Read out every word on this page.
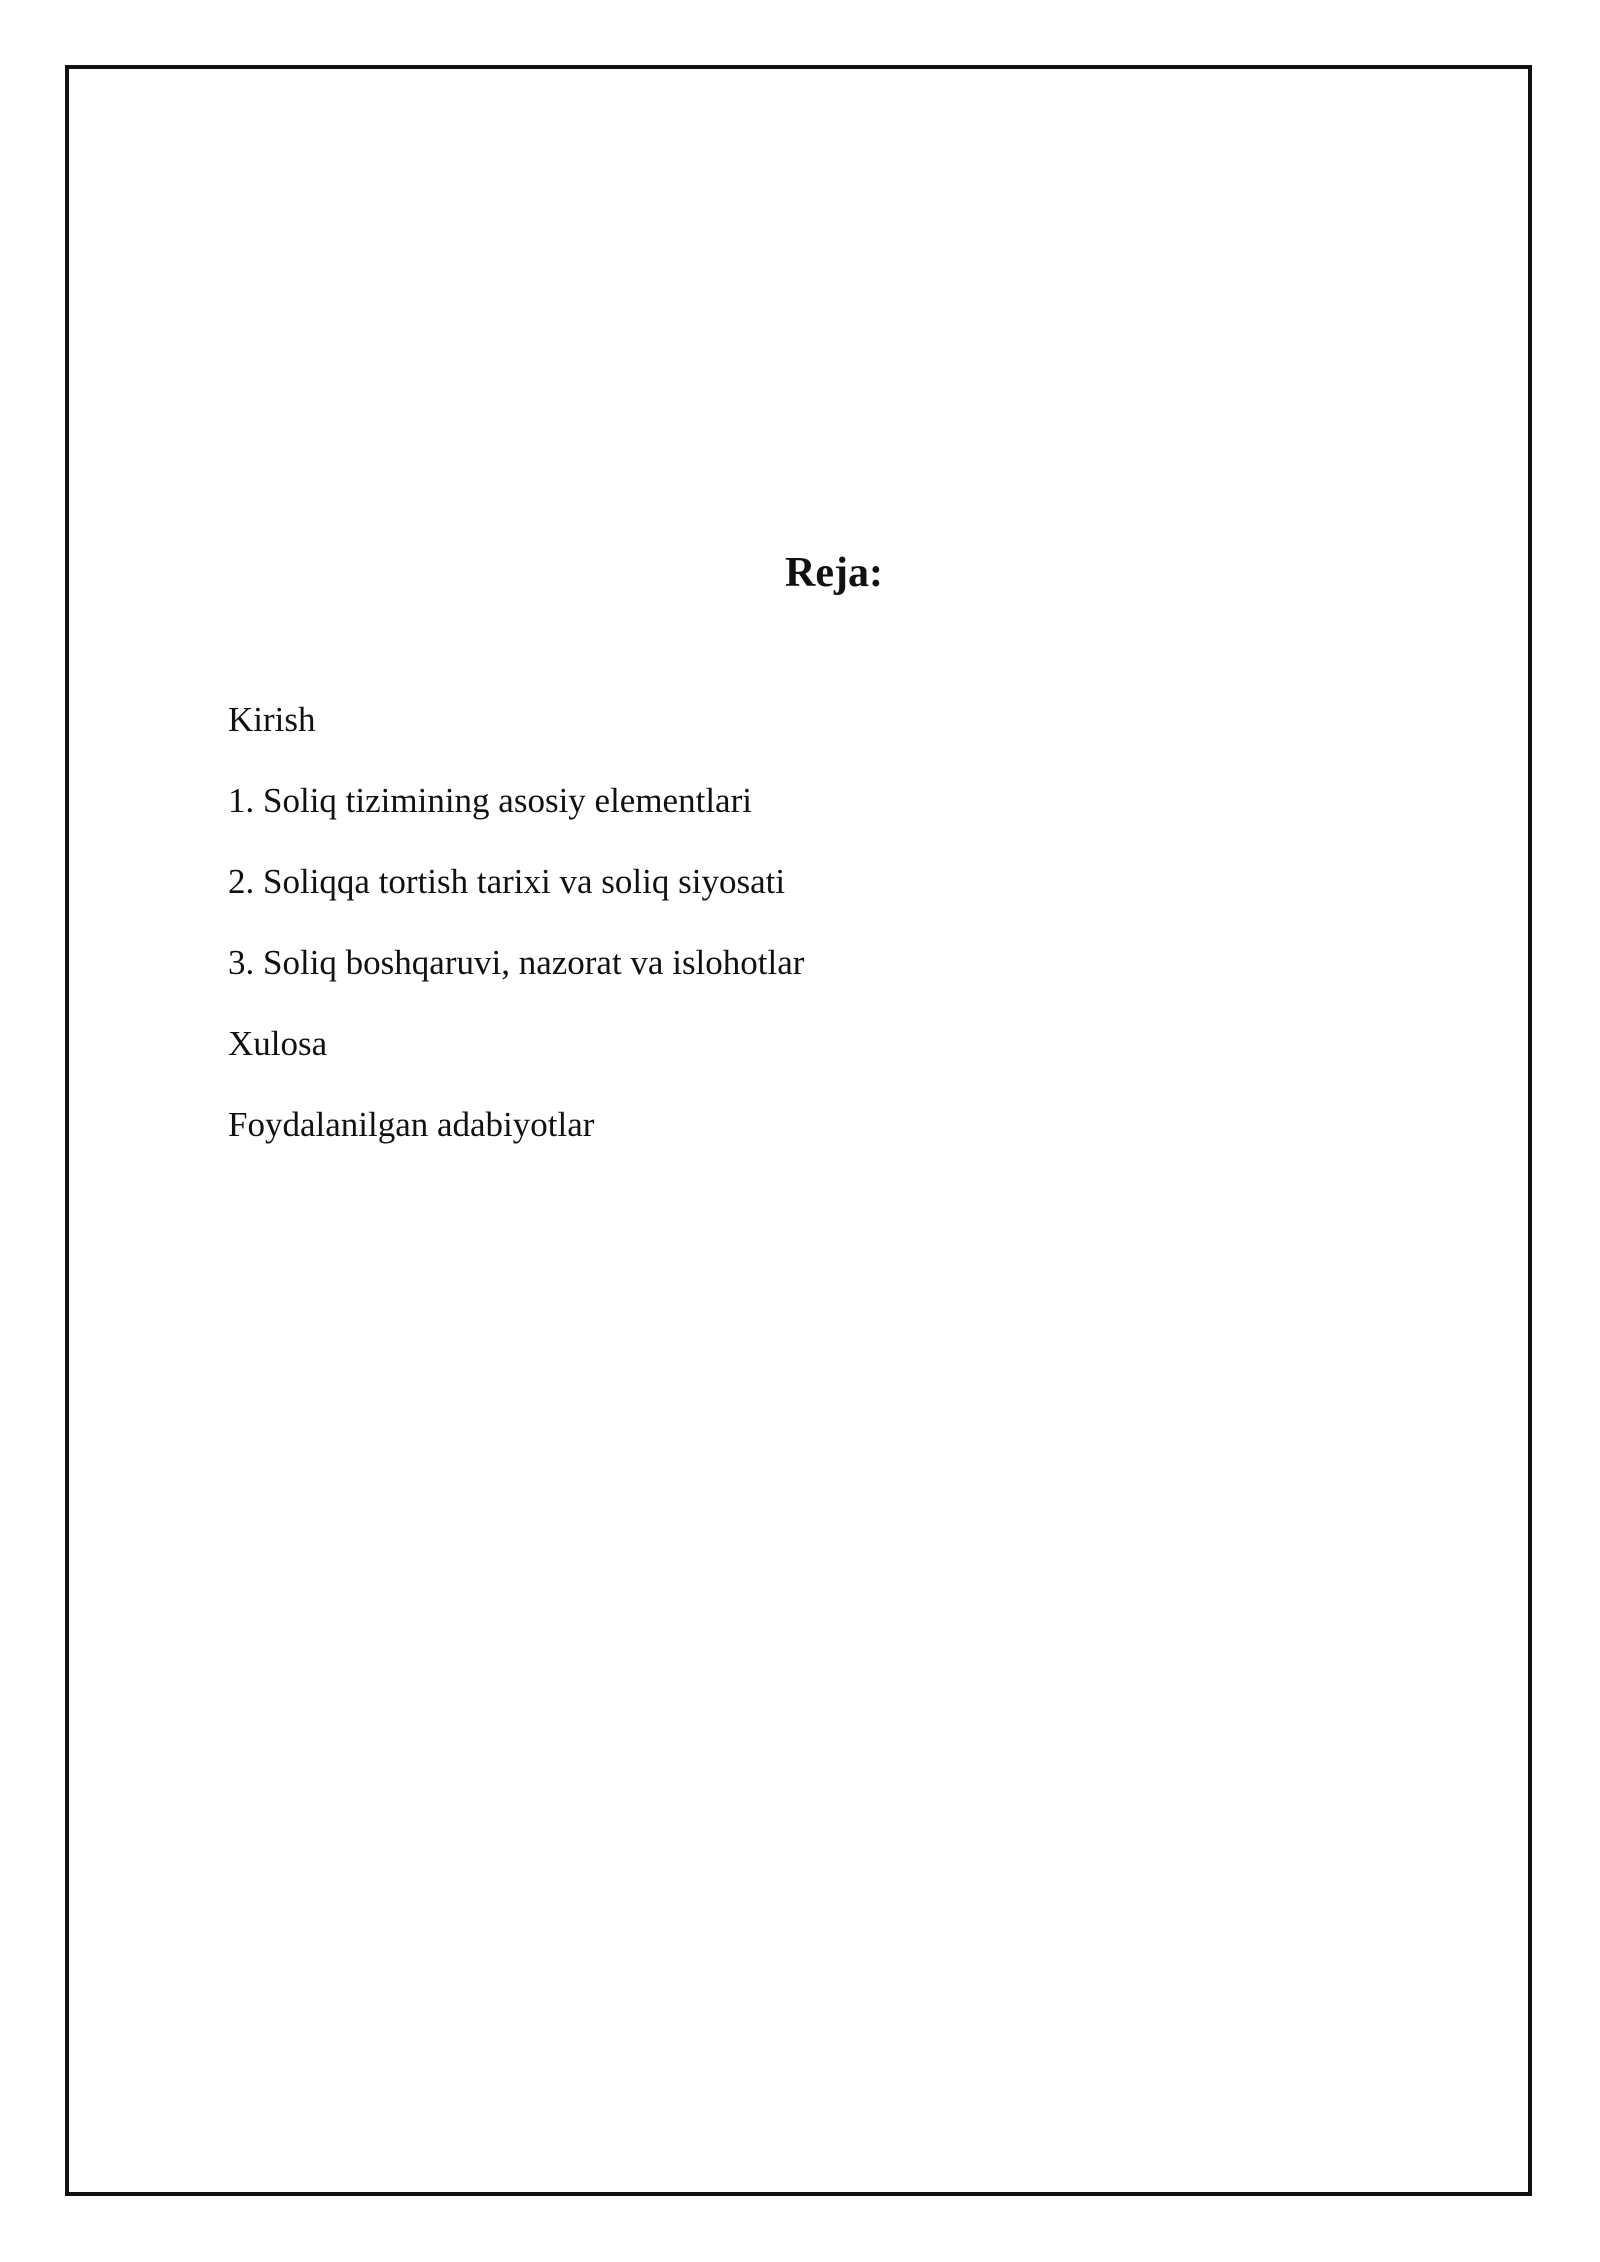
Reja:
Kirish
1. Soliq tizimining asosiy elementlari
2. Soliqqa tortish tarixi va soliq siyosati
3. Soliq boshqaruvi, nazorat va islohotlar
Xulosa
Foydalanilgan adabiyotlar
